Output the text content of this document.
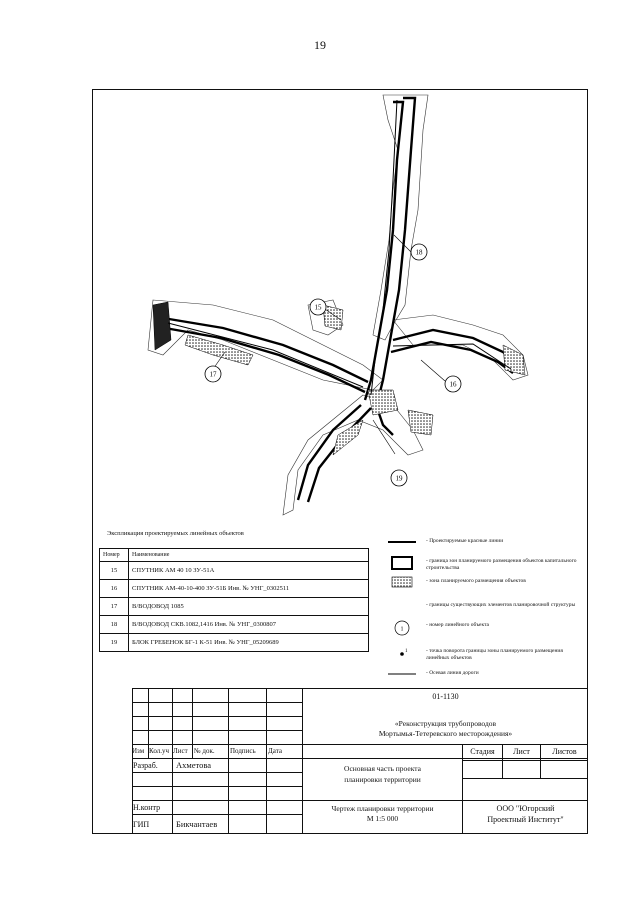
19
18
15
16
17
19
Экспликация проектируемых линейных объектов
Номер	Наименование
15	СПУТНИК АМ 40 10 ЗУ-51А
16	СПУТНИК АМ-40-10-400 ЗУ-51Б Инв. № УНГ_0302511
17	В/ВОДОВОД 1085
18	В/ВОДОВОД СКВ.1082,1416 Инв. № УНГ_0300807
19	БЛОК ГРЕБЕНОК БГ-1 К-51 Инв. № УНГ_05209689
- Проектируемые красные линии
- граница зон планируемого размещения объектов капитального строительства
- зона планируемого размещения объектов
- границы существующих элементов планировочной структуры
1
- номер линейного объекта
1	- точка поворота границы зоны планируемого размещения линейных объектов
- Осевая линия дороги
01-1130
«Реконструкция трубопроводов
Мортымья-Тетеревского месторождения»
Изм Кол.уч Лист № док. Подпись Дата
Разраб. Ахметова
Н.контр
ГИП	Бикчантаев
Основная часть проекта
планировки территории
Стадия	Лист	Листов
Чертеж планировки территории
М 1:5 000
ООО "Югорский
Проектный Институт"
